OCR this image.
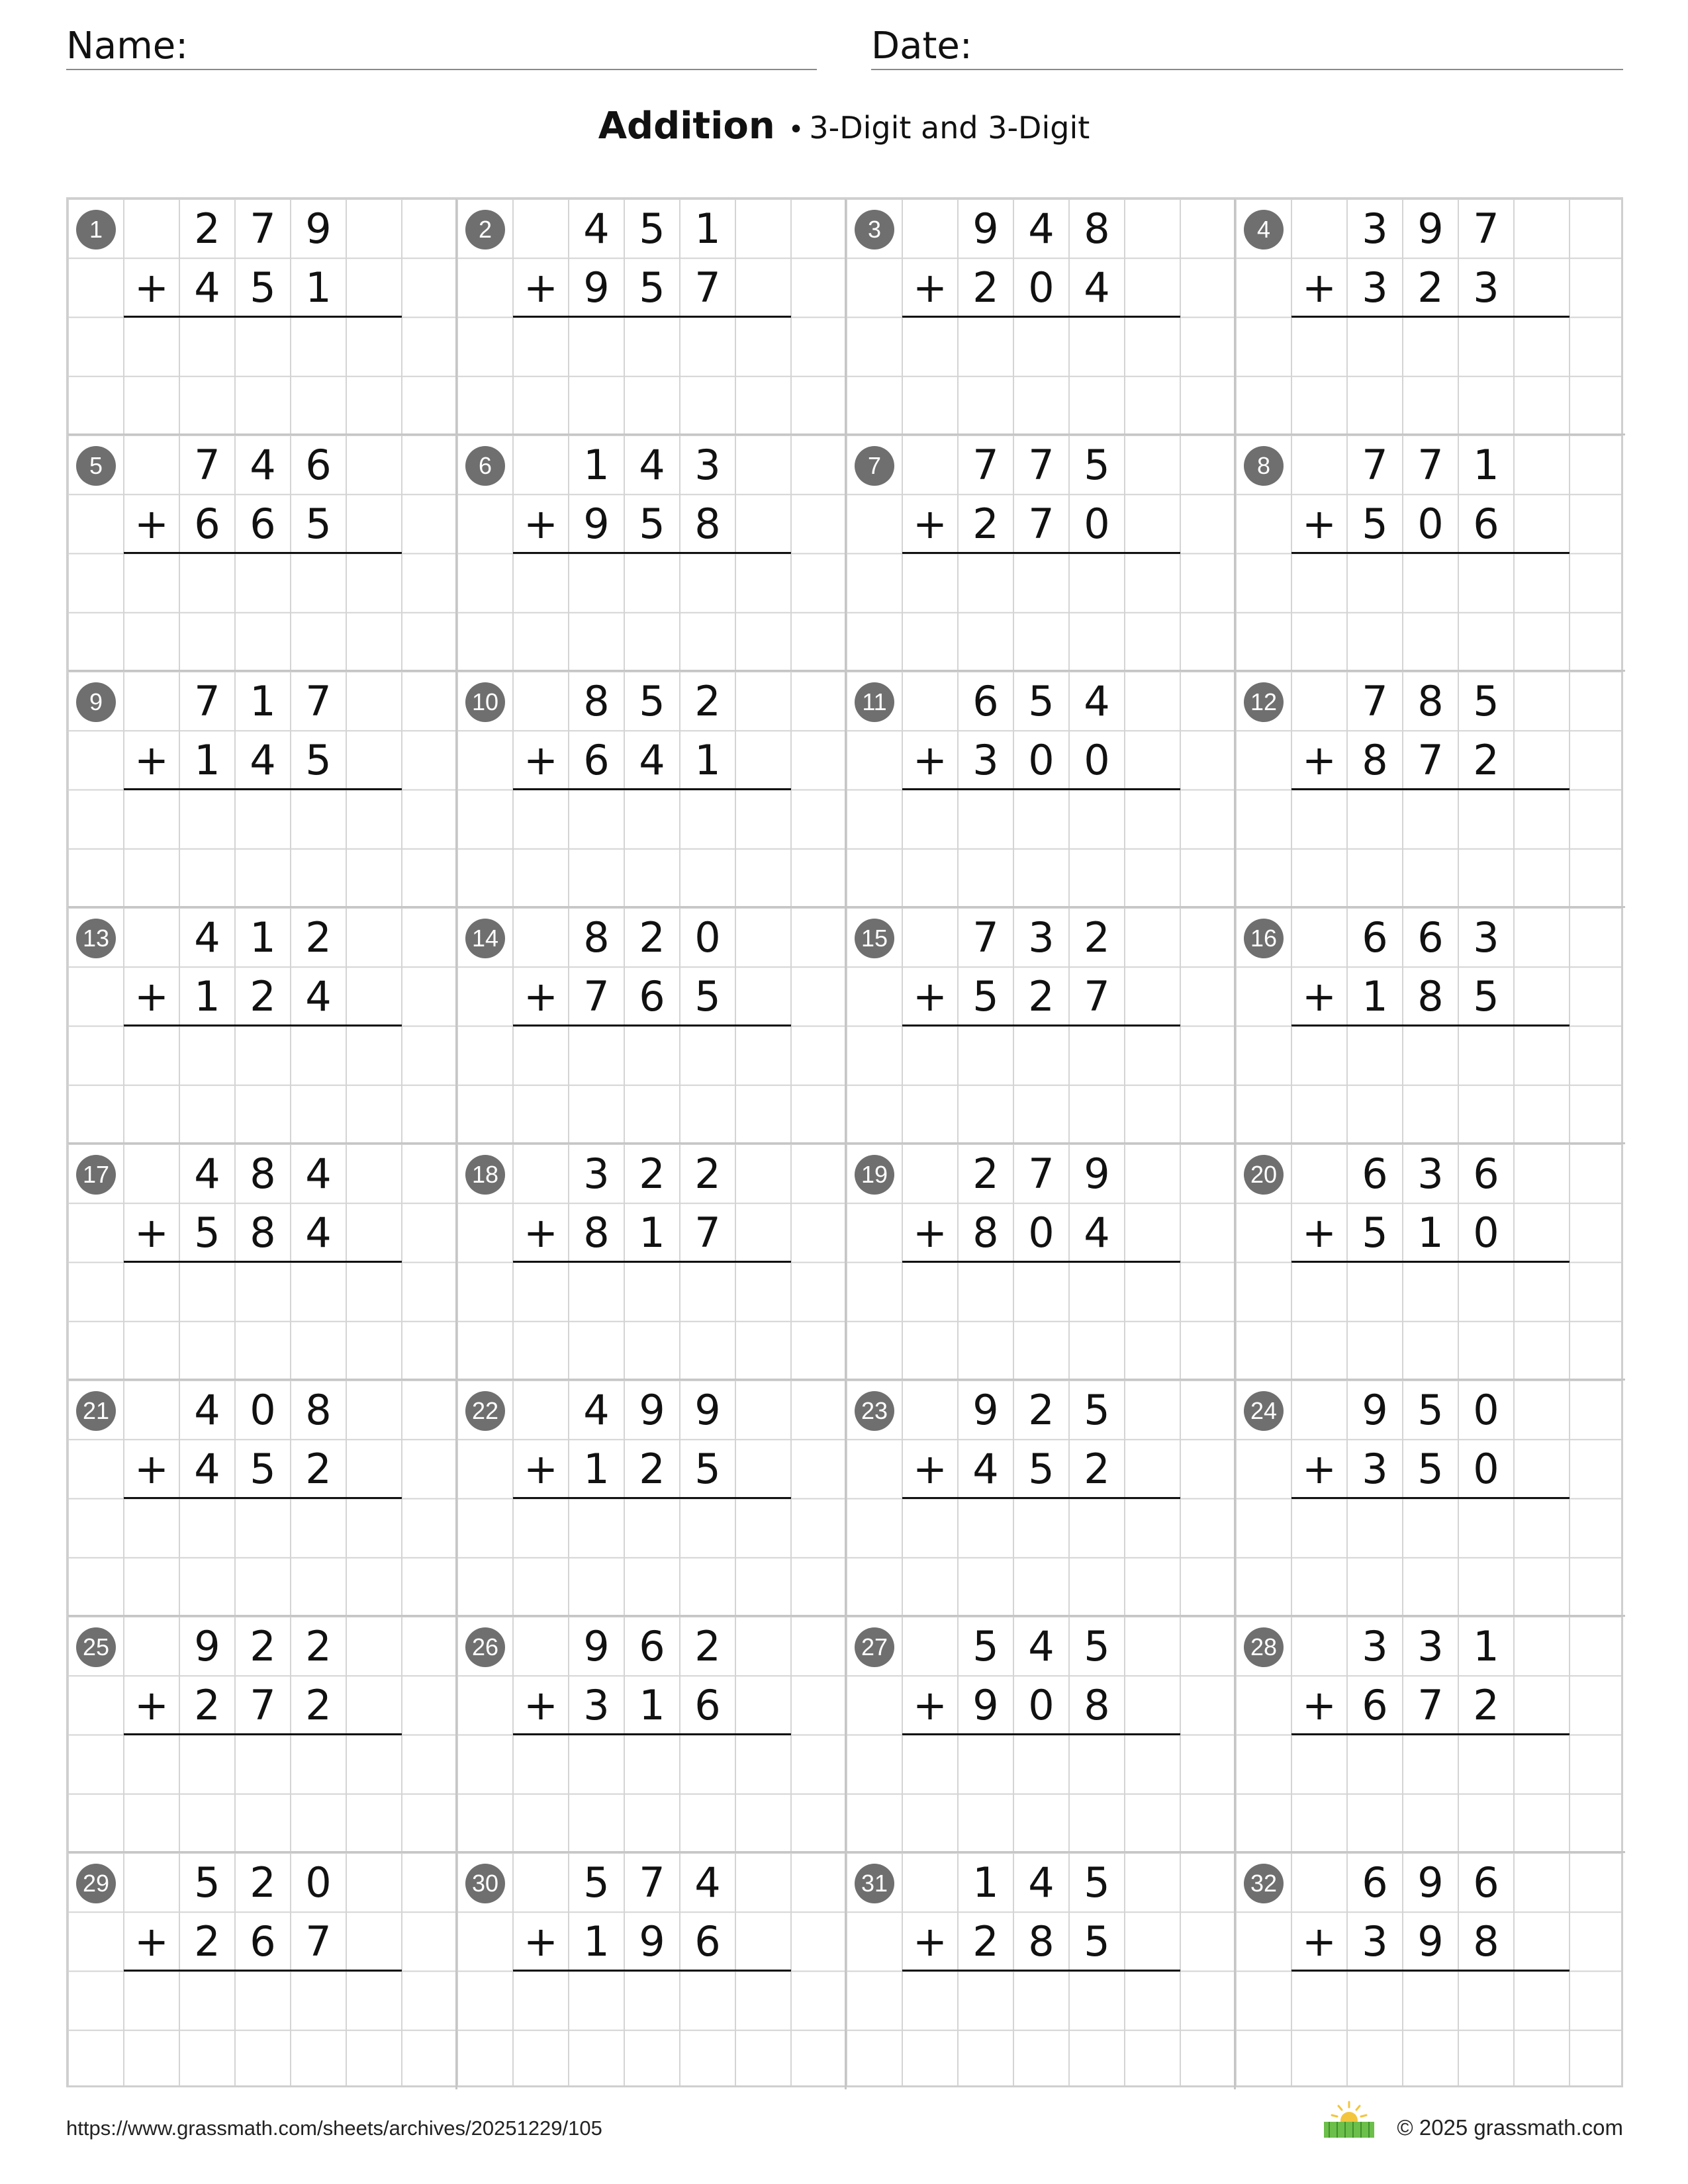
Name:	Date:
Addition • 3-Digit and 3-Digit
1	2 7 9
4 5 1
+
2	4 5 1
9 5 7
+
3	9 4 8
2 0 4
+
4	3 9 7
3 2 3
+
5	7 4 6
6 6 5
+
6	1 4 3
9 5 8
+
7	7 7 5
2 7 0
+
8	7 7 1
5 0 6
+
9	7 1 7
1 4 5
+
10	8 5 2
6 4 1
+
11	6 5 4
3 0 0
+
12	7 8 5
8 7 2
+
13	4 1 2
1 2 4
+
14	8 2 0
7 6 5
+
15	7 3 2
5 2 7
+
16	6 6 3
1 8 5
+
17	4 8 4
5 8 4
+
18	3 2 2
8 1 7
+
19	2 7 9
8 0 4
+
20	6 3 6
5 1 0
+
21	4 0 8
4 5 2
+
22	4 9 9
1 2 5
+
23	9 2 5
4 5 2
+
24	9 5 0
3 5 0
+
25	9 2 2
2 7 2
+
26	9 6 2
3 1 6
+
27	5 4 5
9 0 8
+
28	3 3 1
6 7 2
+
29	5 2 0
2 6 7
+
30	5 7 4
1 9 6
+
31	1 4 5
2 8 5
+
32	6 9 6
3 9 8
+
https://www.grassmath.com/sheets/archives/20251229/105	© 2025 grassmath.com
